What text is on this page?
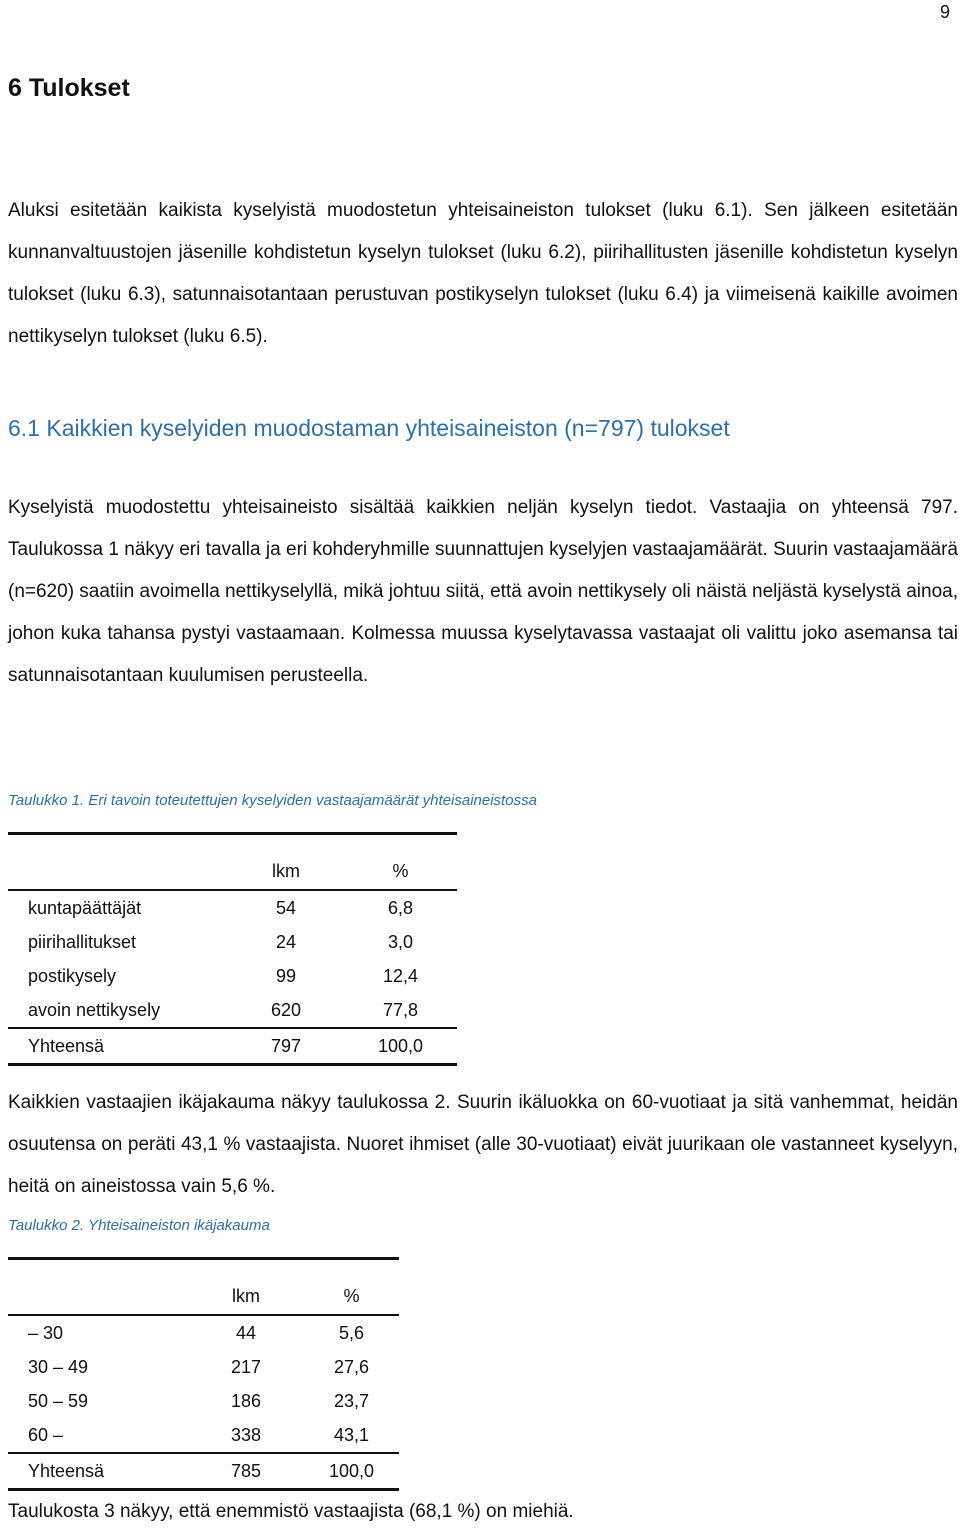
9
6 Tulokset

Aluksi esitetään kaikista kyselyistä muodostetun yhteisaineiston tulokset (luku 6.1). Sen jälkeen esitetään kunnanvaltuustojen jäsenille kohdistetun kyselyn tulokset (luku 6.2), piirihallitusten jäsenille kohdistetun kyselyn tulokset (luku 6.3), satunnaisotantaan perustuvan postikyselyn tulokset (luku 6.4) ja viimeisenä kaikille avoimen nettikyselyn tulokset (luku 6.5).

6.1 Kaikkien kyselyiden muodostaman yhteisaineiston (n=797) tulokset

Kyselyistä muodostettu yhteisaineisto sisältää kaikkien neljän kyselyn tiedot. Vastaajia on yhteensä 797. Taulukossa 1 näkyy eri tavalla ja eri kohderyhmille suunnattujen kyselyjen vastaajamäärät. Suurin vastaajamäärä (n=620) saatiin avoimella nettikyselyllä, mikä johtuu siitä, että avoin nettikysely oli näistä neljästä kyselystä ainoa, johon kuka tahansa pystyi vastaamaan. Kolmessa muussa kyselytavassa vastaajat oli valittu joko asemansa tai satunnaisotantaan kuulumisen perusteella.

Taulukko 1. Eri tavoin toteutettujen kyselyiden vastaajamäärät yhteisaineistossa

	lkm	%
kuntapäättäjät	54	6,8
piirihallitukset	24	3,0
postikysely	99	12,4
avoin nettikysely	620	77,8
Yhteensä	797	100,0

Kaikkien vastaajien ikäjakauma näkyy taulukossa 2. Suurin ikäluokka on 60-vuotiaat ja sitä vanhemmat, heidän osuutensa on peräti 43,1 % vastaajista. Nuoret ihmiset (alle 30-vuotiaat) eivät juurikaan ole vastanneet kyselyyn, heitä on aineistossa vain 5,6 %.

Taulukko 2. Yhteisaineiston ikäjakauma

	lkm	%
– 30	44	5,6
30 – 49	217	27,6
50 – 59	186	23,7
60 –	338	43,1
Yhteensä	785	100,0

Taulukosta 3 näkyy, että enemmistö vastaajista (68,1 %) on miehiä.
